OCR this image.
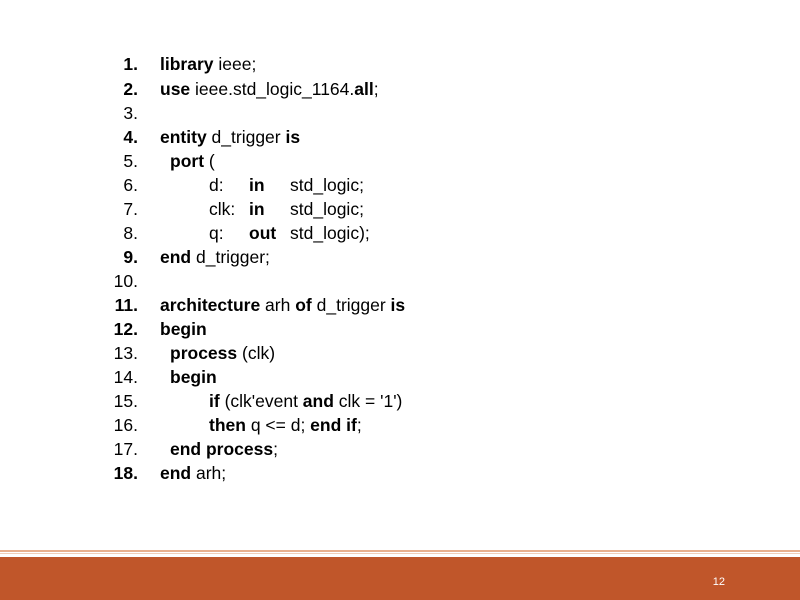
1. library ieee;
2. use ieee.std_logic_1164.all;
3.
4. entity d_trigger is
5. port (
6.	d: in std_logic;
7.	clk: in std_logic;
8.	q: out std_logic);
9. end d_trigger;
10.
11. architecture arh of d_trigger is
12. begin
13. process (clk)
14. begin
15.	if (clk'event and clk = '1')
16.	then q <= d; end if;
17. end process;
18. end arh;
12
